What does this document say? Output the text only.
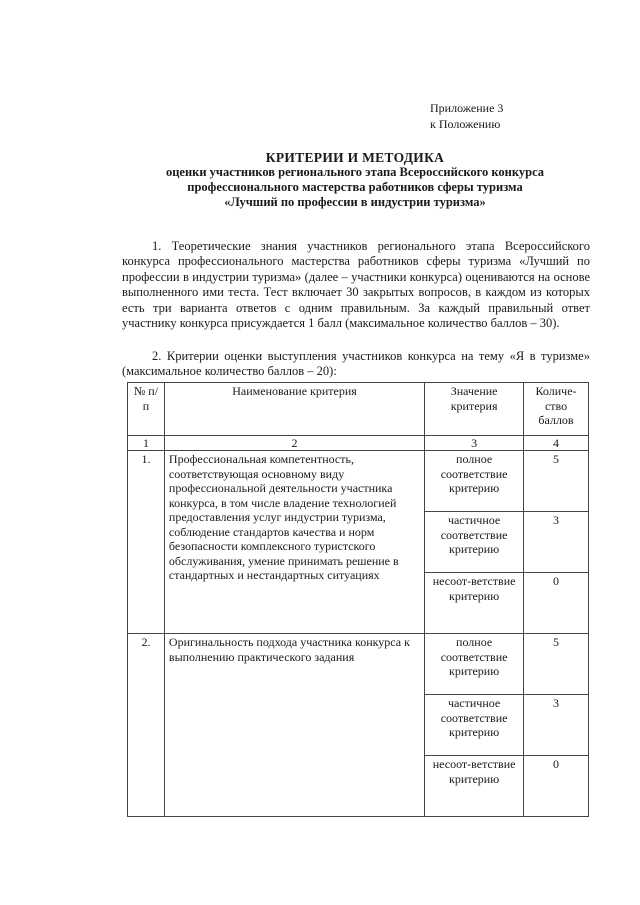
Приложение 3
к Положению
КРИТЕРИИ И МЕТОДИКА
оценки участников регионального этапа Всероссийского конкурса
профессионального мастерства работников сферы туризма
«Лучший по профессии в индустрии туризма»

1. Теоретические знания участников регионального этапа Всероссийского конкурса профессионального мастерства работников сферы туризма «Лучший по профессии в индустрии туризма» (далее – участники конкурса) оцениваются на основе выполненного ими теста. Тест включает 30 закрытых вопросов, в каждом из которых есть три варианта ответов с одним правильным. За каждый правильный ответ участнику конкурса присуждается 1 балл (максимальное количество баллов – 30).

2. Критерии оценки выступления участников конкурса на тему «Я в туризме» (максимальное количество баллов – 20):

№ п/п	Наименование критерия	Значение критерия	Количе-ство баллов
1	2	3	4
1.	Профессиональная компетентность, соответствующая основному виду профессиональной деятельности участника конкурса, в том числе владение технологией предоставления услуг индустрии туризма, соблюдение стандартов качества и норм безопасности комплексного туристского обслуживания, умение принимать решение в стандартных и нестандартных ситуациях	полное соответствие критерию	5
		частичное соответствие критерию	3
		несоот-ветствие критерию	0
2.	Оригинальность подхода участника конкурса к выполнению практического задания	полное соответствие критерию	5
		частичное соответствие критерию	3
		несоот-ветствие критерию	0
